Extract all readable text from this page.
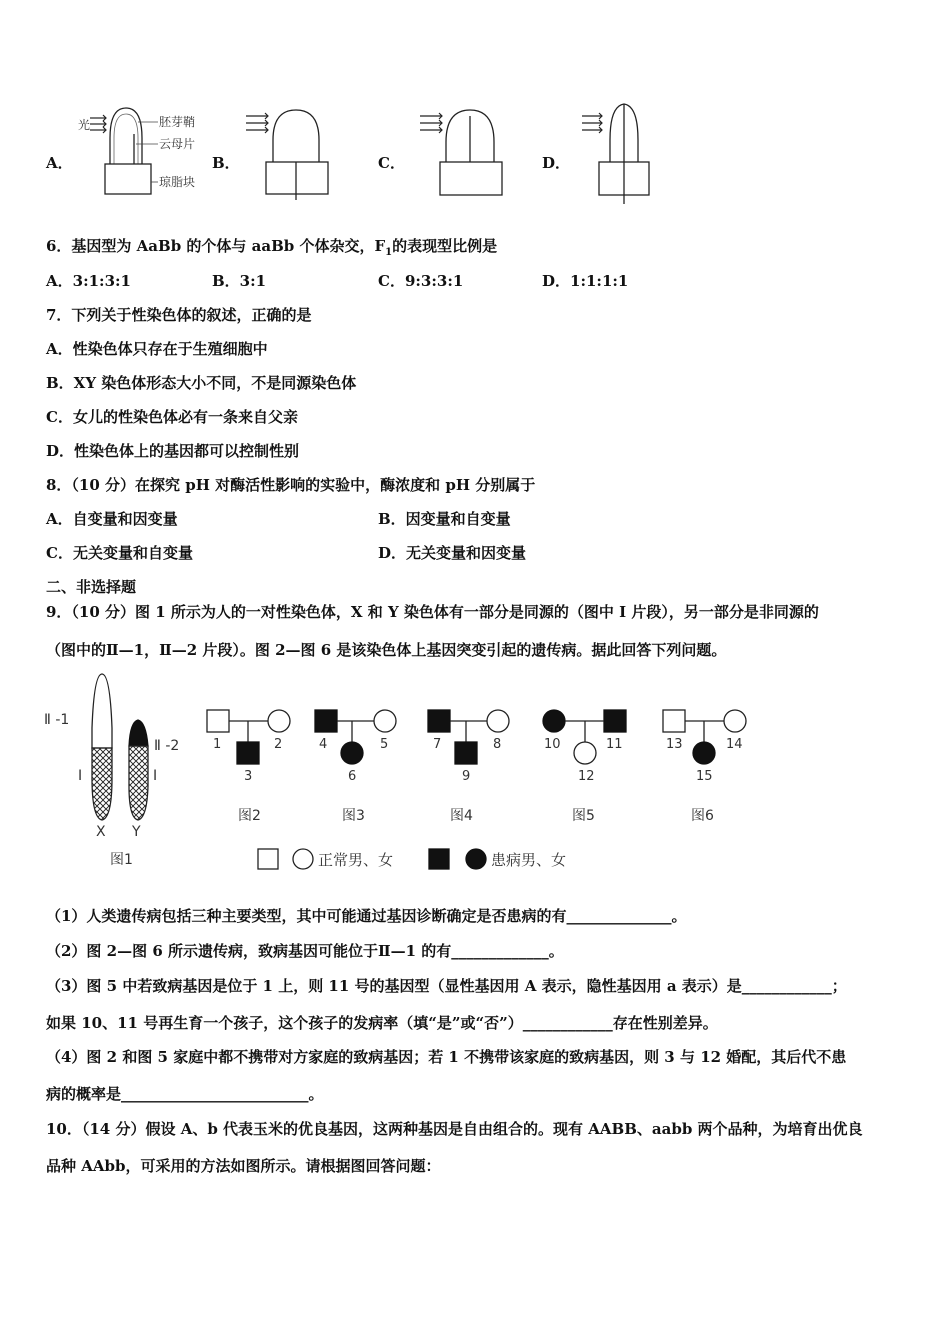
A．	B．	C．	D．
光	胚芽鞘
云母片
琼脂块
6．基因型为 AaBb 的个体与 aaBb 个体杂交，$F_1$的表现型比例是
A．3:1:3:1	B．3:1	C．9:3:3:1	D．1:1:1:1
7．下列关于性染色体的叙述，正确的是
A．性染色体只存在于生殖细胞中
B．XY 染色体形态大小不同，不是同源染色体
C．女儿的性染色体必有一条来自父亲
D．性染色体上的基因都可以控制性别
8．（10 分）在探究 pH 对酶活性影响的实验中，酶浓度和 pH 分别属于
A．自变量和因变量	B．因变量和自变量
C．无关变量和自变量	D．无关变量和因变量
二、非选择题
9．（10 分）图 1 所示为人的一对性染色体，X 和 Y 染色体有一部分是同源的（图中 Ⅰ 片段），另一部分是非同源的
（图中的Ⅱ—1，Ⅱ—2 片段）。图 2—图 6 是该染色体上基因突变引起的遗传病。据此回答下列问题。
Ⅱ -1
Ⅱ -2
Ⅰ	Ⅰ
X Y
图1
1	2
3
图2
4	5
6
图3
7	8
9
图4
10	11
12
图5
13	14
15
图6
正常男、女	患病男、女
（1）人类遗传病包括三种主要类型，其中可能通过基因诊断确定是否患病的有______________。
（2）图 2—图 6 所示遗传病，致病基因可能位于Ⅱ—1 的有_____________。
（3）图 5 中若致病基因是位于 1 上，则 11 号的基因型（显性基因用 A 表示，隐性基因用 a 表示）是____________；
如果 10、11 号再生育一个孩子，这个孩子的发病率（填“是”或“否”）____________存在性别差异。
（4）图 2 和图 5 家庭中都不携带对方家庭的致病基因；若 1 不携带该家庭的致病基因，则 3 与 12 婚配，其后代不患
病的概率是_________________________。
10．（14 分）假设 A、b 代表玉米的优良基因，这两种基因是自由组合的。现有 AABB、aabb 两个品种，为培育出优良
品种 AAbb，可采用的方法如图所示。请根据图回答问题：
